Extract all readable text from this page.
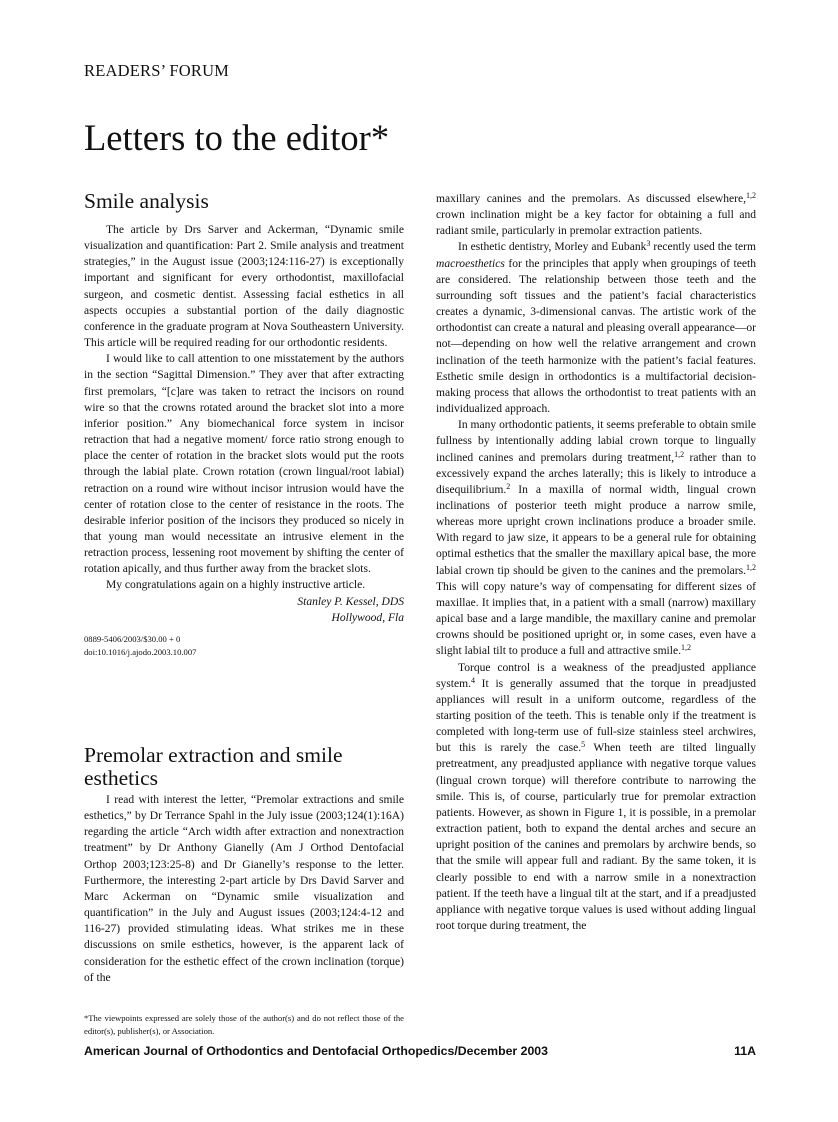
READERS’ FORUM
Letters to the editor*
Smile analysis

The article by Drs Sarver and Ackerman, “Dynamic smile visualization and quantification: Part 2. Smile analysis and treatment strategies,” in the August issue (2003;124:116-27) is exceptionally important and significant for every orthodontist, maxillofacial surgeon, and cosmetic dentist. Assessing facial esthetics in all aspects occupies a substantial portion of the daily diagnostic conference in the graduate program at Nova Southeastern University. This article will be required reading for our orthodontic residents.

I would like to call attention to one misstatement by the authors in the section “Sagittal Dimension.” They aver that after extracting first premolars, “[c]are was taken to retract the incisors on round wire so that the crowns rotated around the bracket slot into a more inferior position.” Any biomechanical force system in incisor retraction that had a negative moment/ force ratio strong enough to place the center of rotation in the bracket slots would put the roots through the labial plate. Crown rotation (crown lingual/root labial) retraction on a round wire without incisor intrusion would have the center of rotation close to the center of resistance in the roots. The desirable inferior position of the incisors they produced so nicely in that young man would necessitate an intrusive element in the retraction process, lessening root movement by shifting the center of rotation apically, and thus further away from the bracket slots.

My congratulations again on a highly instructive article.

Stanley P. Kessel, DDS
Hollywood, Fla
0889-5406/2003/$30.00 + 0
doi:10.1016/j.ajodo.2003.10.007
Premolar extraction and smile esthetics

I read with interest the letter, “Premolar extractions and smile esthetics,” by Dr Terrance Spahl in the July issue (2003;124(1):16A) regarding the article “Arch width after extraction and nonextraction treatment” by Dr Anthony Gianelly (Am J Orthod Dentofacial Orthop 2003;123:25-8) and Dr Gianelly’s response to the letter. Furthermore, the interesting 2-part article by Drs David Sarver and Marc Ackerman on “Dynamic smile visualization and quantification” in the July and August issues (2003;124:4-12 and 116-27) provided stimulating ideas. What strikes me in these discussions on smile esthetics, however, is the apparent lack of consideration for the esthetic effect of the crown inclination (torque) of the

maxillary canines and the premolars. As discussed elsewhere,$^{1,2}$ crown inclination might be a key factor for obtaining a full and radiant smile, particularly in premolar extraction patients.

In esthetic dentistry, Morley and Eubank$^3$ recently used the term macroesthetics for the principles that apply when groupings of teeth are considered. The relationship between those teeth and the surrounding soft tissues and the patient’s facial characteristics creates a dynamic, 3-dimensional canvas. The artistic work of the orthodontist can create a natural and pleasing overall appearance—or not—depending on how well the relative arrangement and crown inclination of the teeth harmonize with the patient’s facial features. Esthetic smile design in orthodontics is a multifactorial decision-making process that allows the orthodontist to treat patients with an individualized approach.

In many orthodontic patients, it seems preferable to obtain smile fullness by intentionally adding labial crown torque to lingually inclined canines and premolars during treatment,$^{1,2}$ rather than to excessively expand the arches laterally; this is likely to introduce a disequilibrium.$^2$ In a maxilla of normal width, lingual crown inclinations of posterior teeth might produce a narrow smile, whereas more upright crown inclinations produce a broader smile. With regard to jaw size, it appears to be a general rule for obtaining optimal esthetics that the smaller the maxillary apical base, the more labial crown tip should be given to the canines and the premolars.$^{1,2}$ This will copy nature’s way of compensating for different sizes of maxillae. It implies that, in a patient with a small (narrow) maxillary apical base and a large mandible, the maxillary canine and premolar crowns should be positioned upright or, in some cases, even have a slight labial tilt to produce a full and attractive smile.$^{1,2}$

Torque control is a weakness of the preadjusted appliance system.$^4$ It is generally assumed that the torque in preadjusted appliances will result in a uniform outcome, regardless of the starting position of the teeth. This is tenable only if the treatment is completed with long-term use of full-size stainless steel archwires, but this is rarely the case.$^5$ When teeth are tilted lingually pretreatment, any preadjusted appliance with negative torque values (lingual crown torque) will therefore contribute to narrowing the smile. This is, of course, particularly true for premolar extraction patients. However, as shown in Figure 1, it is possible, in a premolar extraction patient, both to expand the dental arches and secure an upright position of the canines and premolars by archwire bends, so that the smile will appear full and radiant. By the same token, it is clearly possible to end with a narrow smile in a nonextraction patient. If the teeth have a lingual tilt at the start, and if a preadjusted appliance with negative torque values is used without adding lingual root torque during treatment, the

*The viewpoints expressed are solely those of the author(s) and do not reflect those of the editor(s), publisher(s), or Association.
American Journal of Orthodontics and Dentofacial Orthopedics/December 2003	11A
